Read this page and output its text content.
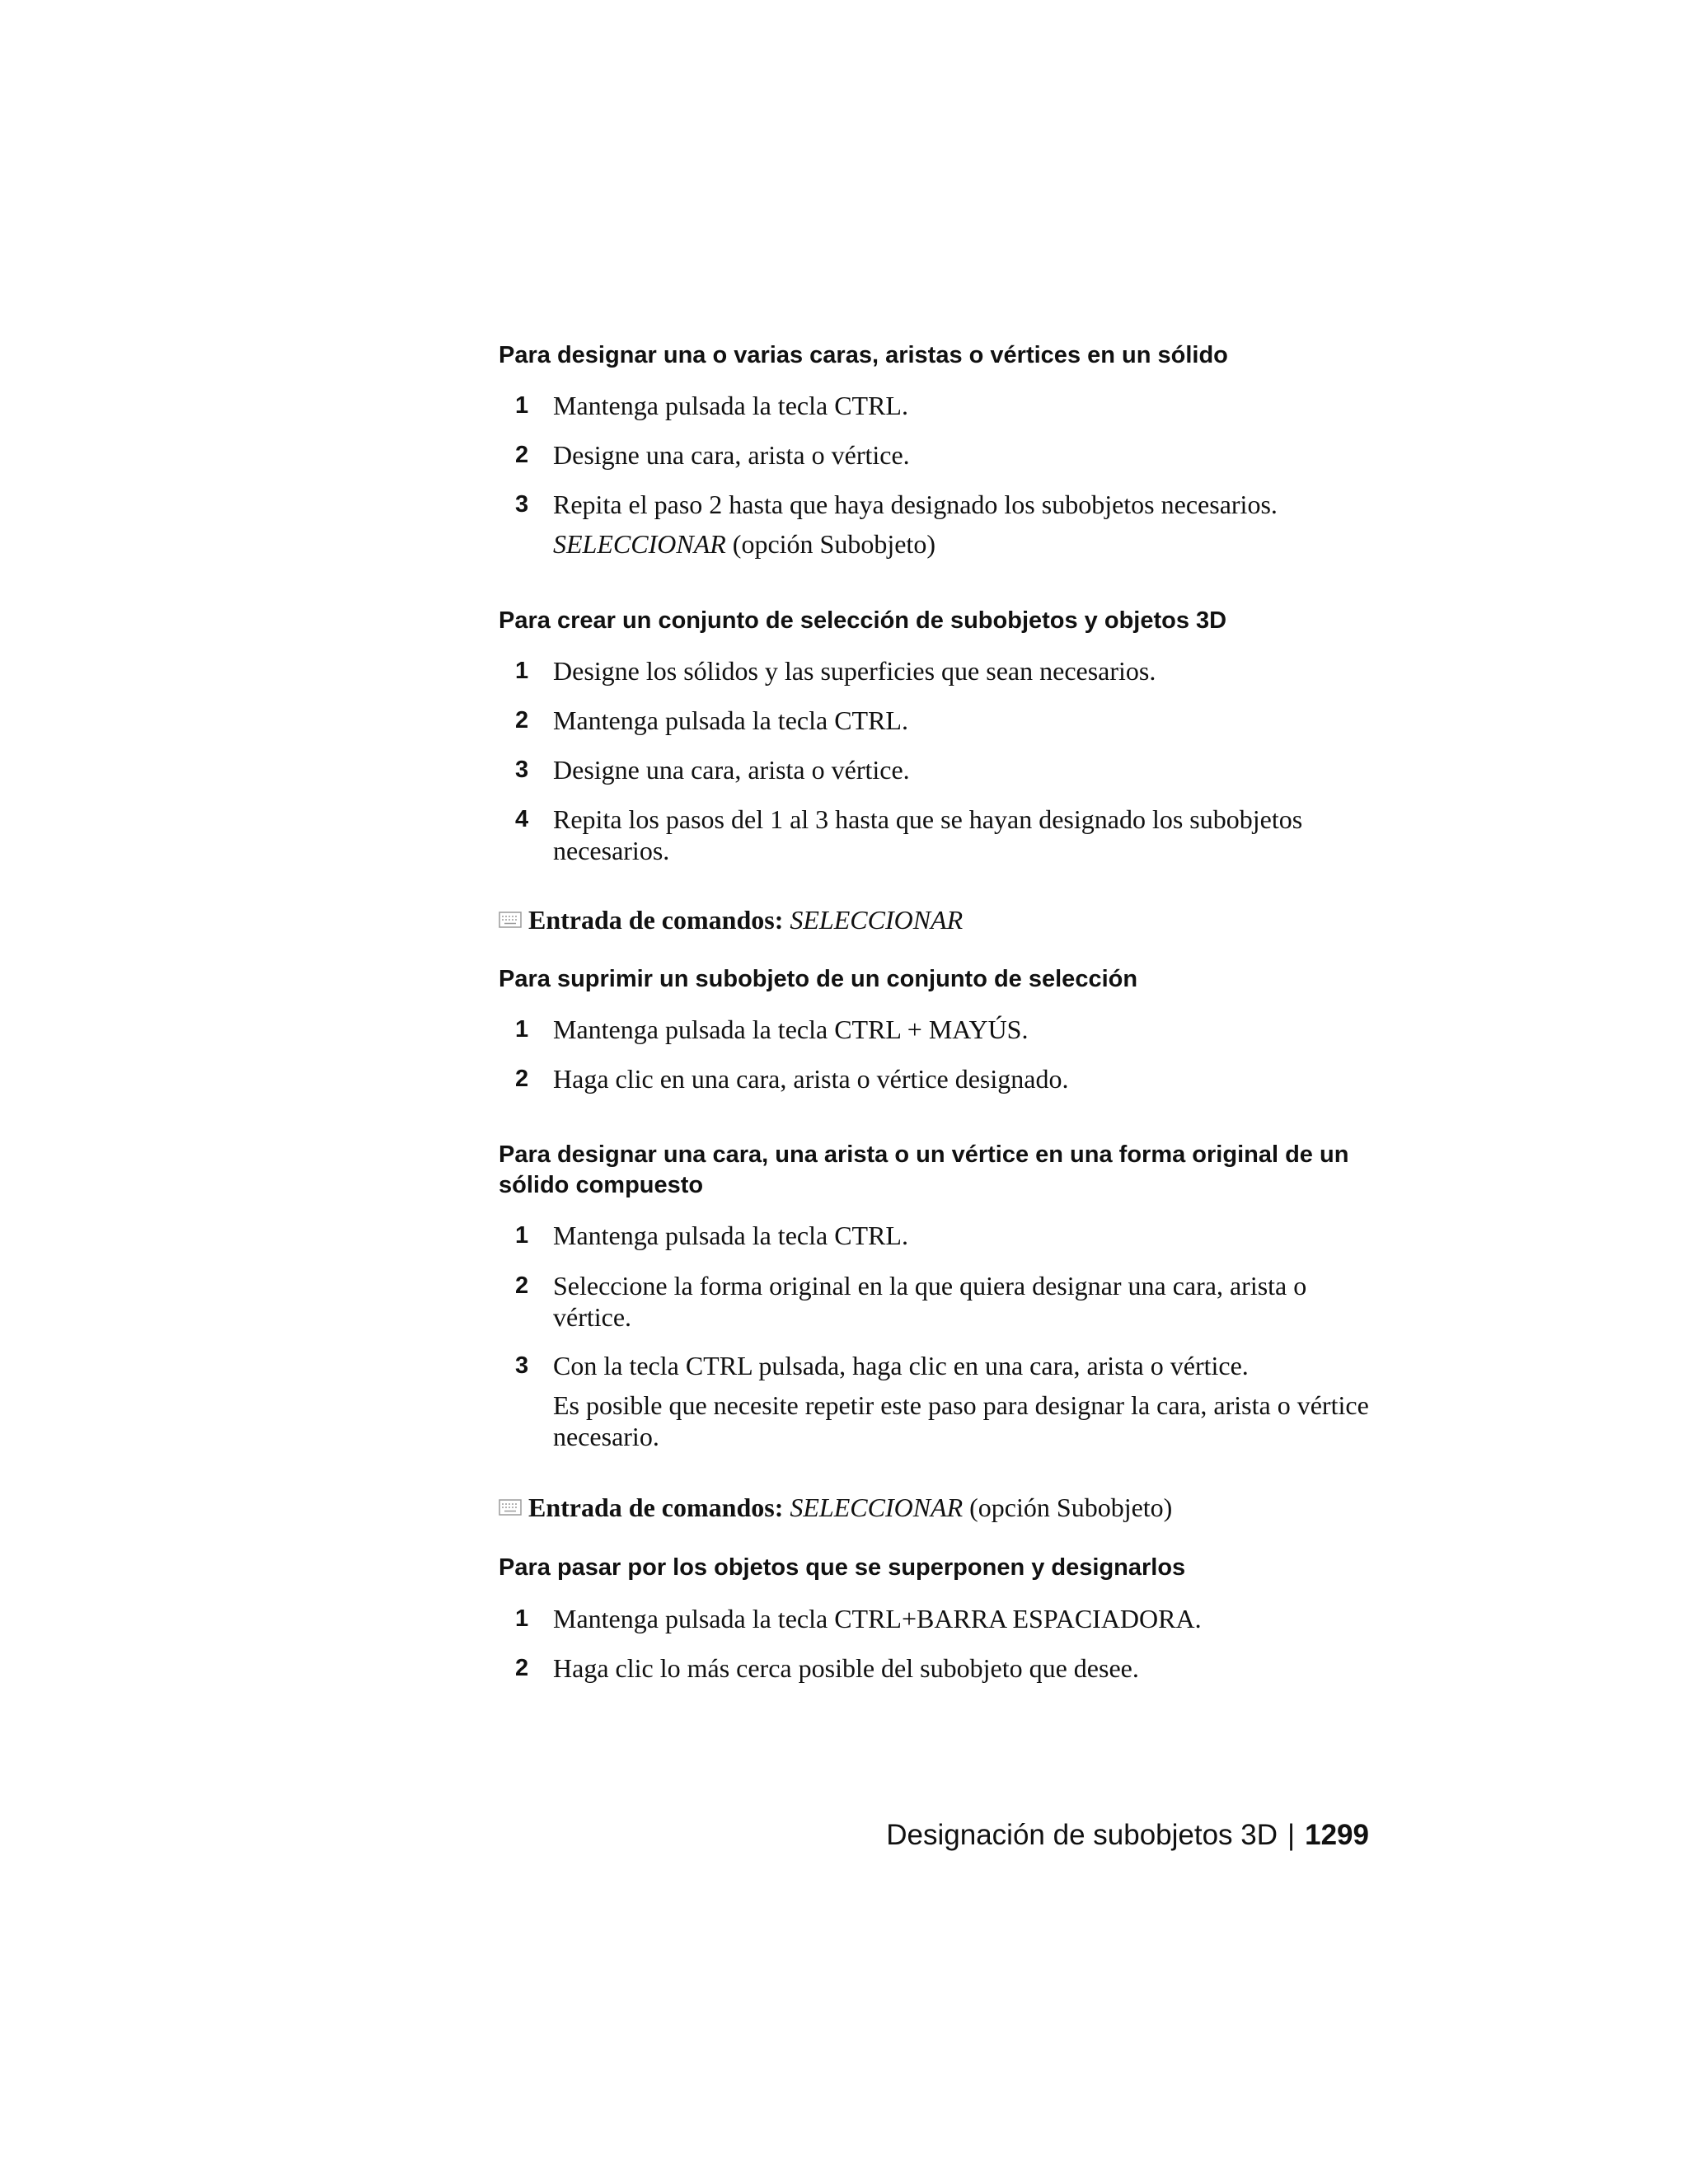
Para designar una o varias caras, aristas o vértices en un sólido
1 Mantenga pulsada la tecla CTRL.
2 Designe una cara, arista o vértice.
3 Repita el paso 2 hasta que haya designado los subobjetos necesarios.
SELECCIONAR (opción Subobjeto)
Para crear un conjunto de selección de subobjetos y objetos 3D
1 Designe los sólidos y las superficies que sean necesarios.
2 Mantenga pulsada la tecla CTRL.
3 Designe una cara, arista o vértice.
4 Repita los pasos del 1 al 3 hasta que se hayan designado los subobjetos necesarios.
Entrada de comandos: SELECCIONAR
Para suprimir un subobjeto de un conjunto de selección
1 Mantenga pulsada la tecla CTRL + MAYÚS.
2 Haga clic en una cara, arista o vértice designado.
Para designar una cara, una arista o un vértice en una forma original de un sólido compuesto
1 Mantenga pulsada la tecla CTRL.
2 Seleccione la forma original en la que quiera designar una cara, arista o vértice.
3 Con la tecla CTRL pulsada, haga clic en una cara, arista o vértice.
Es posible que necesite repetir este paso para designar la cara, arista o vértice necesario.
Entrada de comandos: SELECCIONAR (opción Subobjeto)
Para pasar por los objetos que se superponen y designarlos
1 Mantenga pulsada la tecla CTRL+BARRA ESPACIADORA.
2 Haga clic lo más cerca posible del subobjeto que desee.
Designación de subobjetos 3D | 1299
